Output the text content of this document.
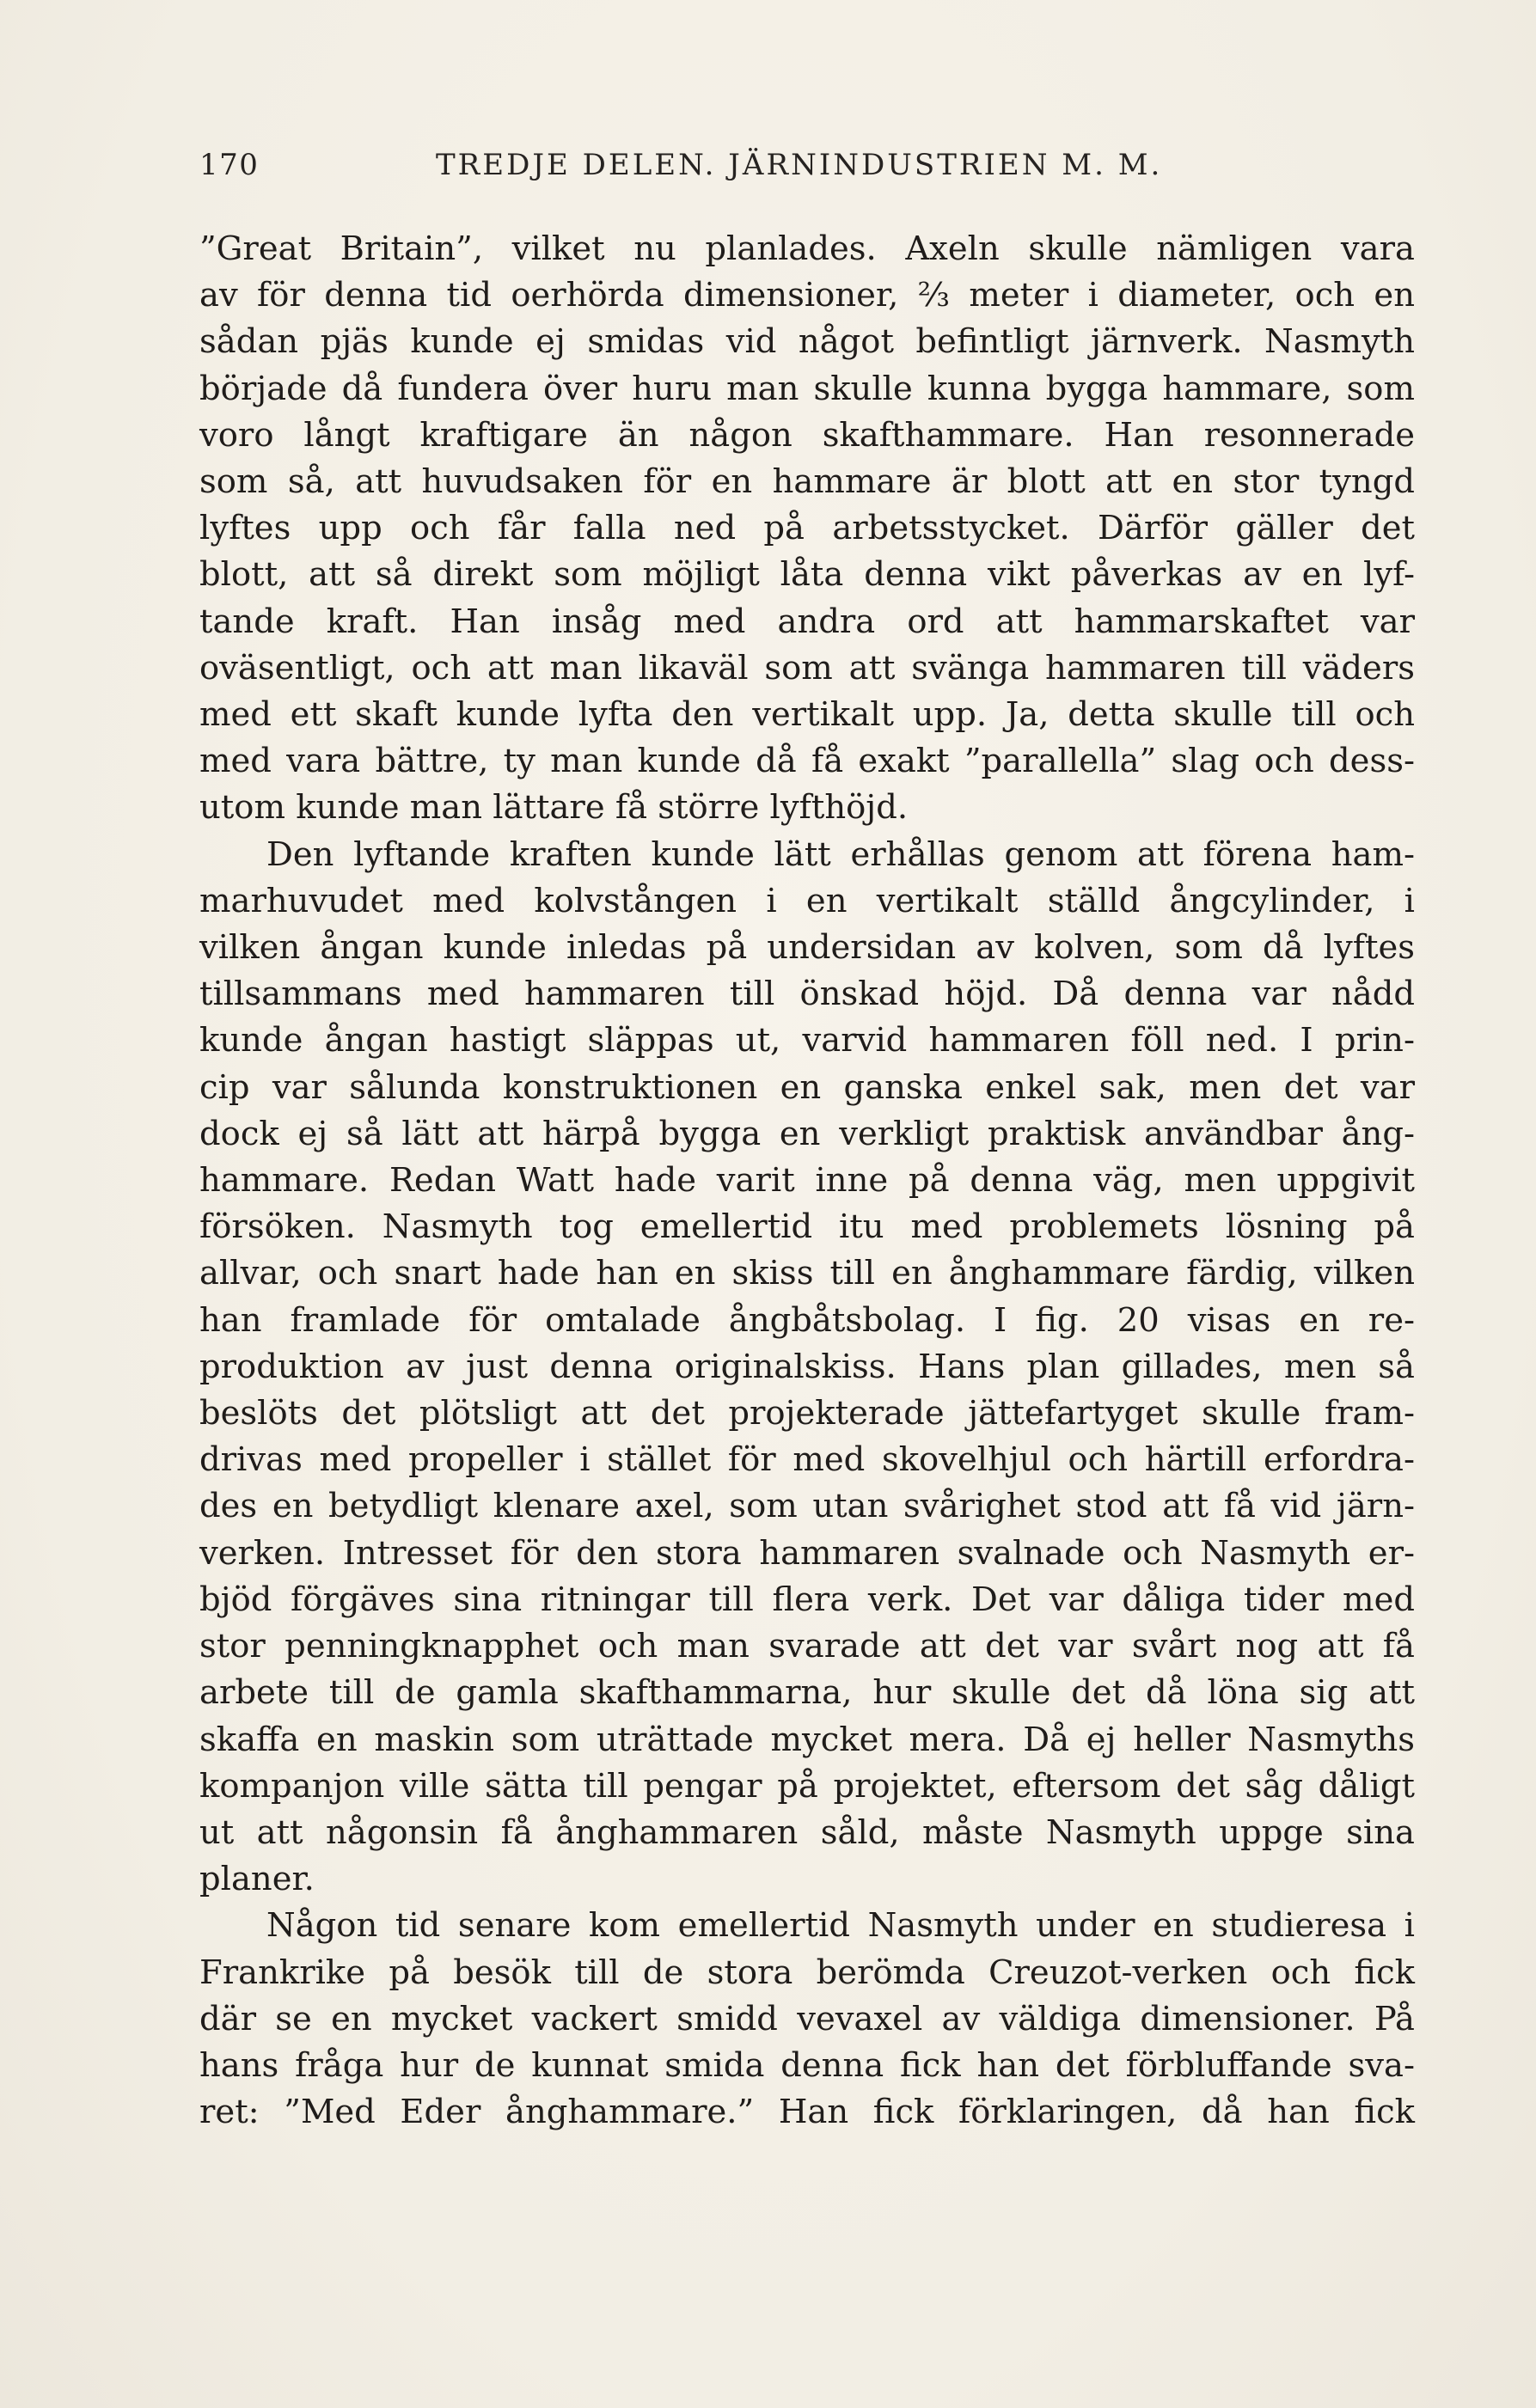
170	TREDJE DELEN. JÄRNINDUSTRIEN M. M.

”Great Britain”, vilket nu planlades. Axeln skulle nämligen vara
av för denna tid oerhörda dimensioner, ⅔ meter i diameter, och en
sådan pjäs kunde ej smidas vid något befintligt järnverk. Nasmyth
började då fundera över huru man skulle kunna bygga hammare, som
voro långt kraftigare än någon skafthammare. Han resonnerade
som så, att huvudsaken för en hammare är blott att en stor tyngd
lyftes upp och får falla ned på arbetsstycket. Därför gäller det
blott, att så direkt som möjligt låta denna vikt påverkas av en lyf-
tande kraft. Han insåg med andra ord att hammarskaftet var
oväsentligt, och att man likaväl som att svänga hammaren till väders
med ett skaft kunde lyfta den vertikalt upp. Ja, detta skulle till och
med vara bättre, ty man kunde då få exakt ”parallella” slag och dess-
utom kunde man lättare få större lyfthöjd.

Den lyftande kraften kunde lätt erhållas genom att förena ham-
marhuvudet med kolvstången i en vertikalt ställd ångcylinder, i
vilken ångan kunde inledas på undersidan av kolven, som då lyftes
tillsammans med hammaren till önskad höjd. Då denna var nådd
kunde ångan hastigt släppas ut, varvid hammaren föll ned. I prin-
cip var sålunda konstruktionen en ganska enkel sak, men det var
dock ej så lätt att härpå bygga en verkligt praktisk användbar ång-
hammare. Redan Watt hade varit inne på denna väg, men uppgivit
försöken. Nasmyth tog emellertid itu med problemets lösning på
allvar, och snart hade han en skiss till en ånghammare färdig, vilken
han framlade för omtalade ångbåtsbolag. I fig. 20 visas en re-
produktion av just denna originalskiss. Hans plan gillades, men så
beslöts det plötsligt att det projekterade jättefartyget skulle fram-
drivas med propeller i stället för med skovelhjul och härtill erfordra-
des en betydligt klenare axel, som utan svårighet stod att få vid järn-
verken. Intresset för den stora hammaren svalnade och Nasmyth er-
bjöd förgäves sina ritningar till flera verk. Det var dåliga tider med
stor penningknapphet och man svarade att det var svårt nog att få
arbete till de gamla skafthammarna, hur skulle det då löna sig att
skaffa en maskin som uträttade mycket mera. Då ej heller Nasmyths
kompanjon ville sätta till pengar på projektet, eftersom det såg dåligt
ut att någonsin få ånghammaren såld, måste Nasmyth uppge sina
planer.

Någon tid senare kom emellertid Nasmyth under en studieresa i
Frankrike på besök till de stora berömda Creuzot-verken och fick
där se en mycket vackert smidd vevaxel av väldiga dimensioner. På
hans fråga hur de kunnat smida denna fick han det förbluffande sva-
ret: ”Med Eder ånghammare.” Han fick förklaringen, då han fick
